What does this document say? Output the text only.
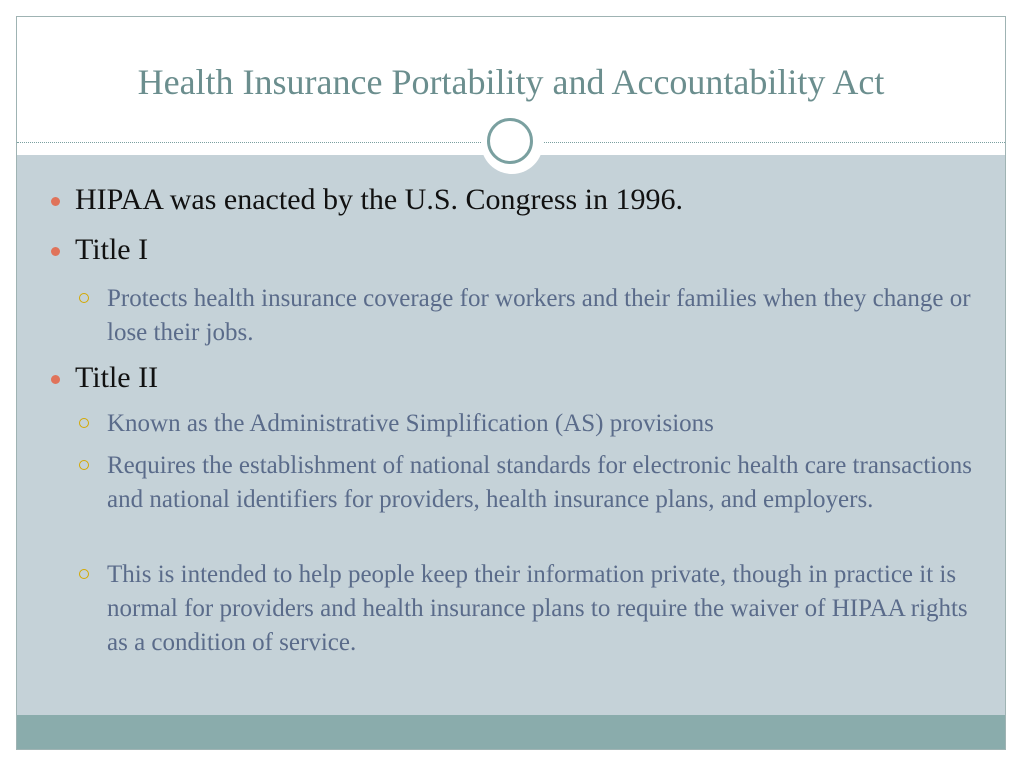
Health Insurance Portability and Accountability Act
HIPAA was enacted by the U.S. Congress in 1996.
Title I
Protects health insurance coverage for workers and their families when they change or lose their jobs.
Title II
Known as the Administrative Simplification (AS) provisions
Requires the establishment of national standards for electronic health care transactions and national identifiers for providers, health insurance plans, and employers.
This is intended to help people keep their information private, though in practice it is normal for providers and health insurance plans to require the waiver of HIPAA rights as a condition of service.
